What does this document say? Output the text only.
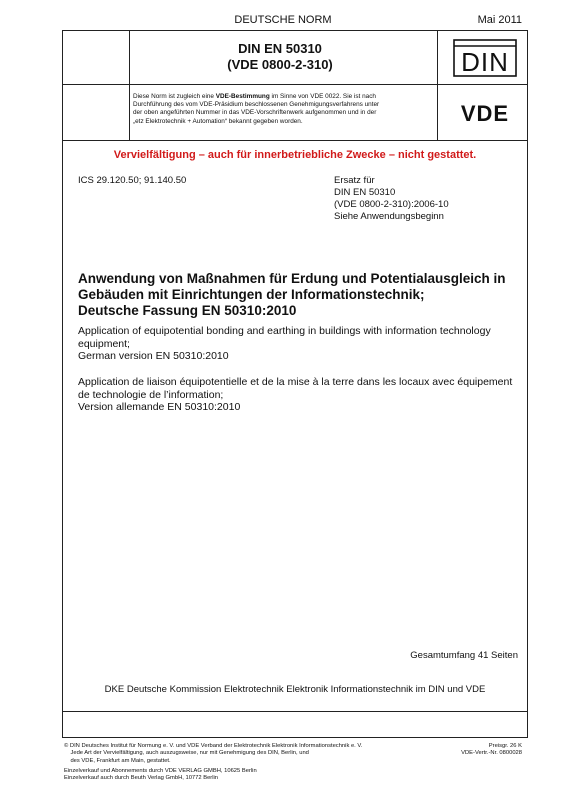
DEUTSCHE NORM	Mai 2011
DIN EN 50310
(VDE 0800-2-310)	DIN
VDE
Diese Norm ist zugleich eine VDE-Bestimmung im Sinne von VDE 0022. Sie ist nach
Durchführung des vom VDE-Präsidium beschlossenen Genehmigungsverfahrens unter
der oben angeführten Nummer in das VDE-Vorschriftenwerk aufgenommen und in der
„etz Elektrotechnik + Automation“ bekannt gegeben worden.
Vervielfältigung – auch für innerbetriebliche Zwecke – nicht gestattet.
ICS 29.120.50; 91.140.50	Ersatz für
DIN EN 50310
(VDE 0800-2-310):2006-10
Siehe Anwendungsbeginn
Anwendung von Maßnahmen für Erdung und Potentialausgleich in
Gebäuden mit Einrichtungen der Informationstechnik;
Deutsche Fassung EN 50310:2010
Application of equipotential bonding and earthing in buildings with information technology
equipment;
German version EN 50310:2010
Application de liaison équipotentielle et de la mise à la terre dans les locaux avec équipement
de technologie de l’information;
Version allemande EN 50310:2010
Gesamtumfang 41 Seiten
DKE Deutsche Kommission Elektrotechnik Elektronik Informationstechnik im DIN und VDE
© DIN Deutsches Institut für Normung e. V. und VDE Verband der Elektrotechnik Elektronik Informationstechnik e. V.
Jede Art der Vervielfältigung, auch auszugsweise, nur mit Genehmigung des DIN, Berlin, und
des VDE, Frankfurt am Main, gestattet.
Einzelverkauf und Abonnements durch VDE VERLAG GMBH, 10625 Berlin
Einzelverkauf auch durch Beuth Verlag GmbH, 10772 Berlin
Preisgr. 26 K
VDE-Vertr.-Nr. 0800028
